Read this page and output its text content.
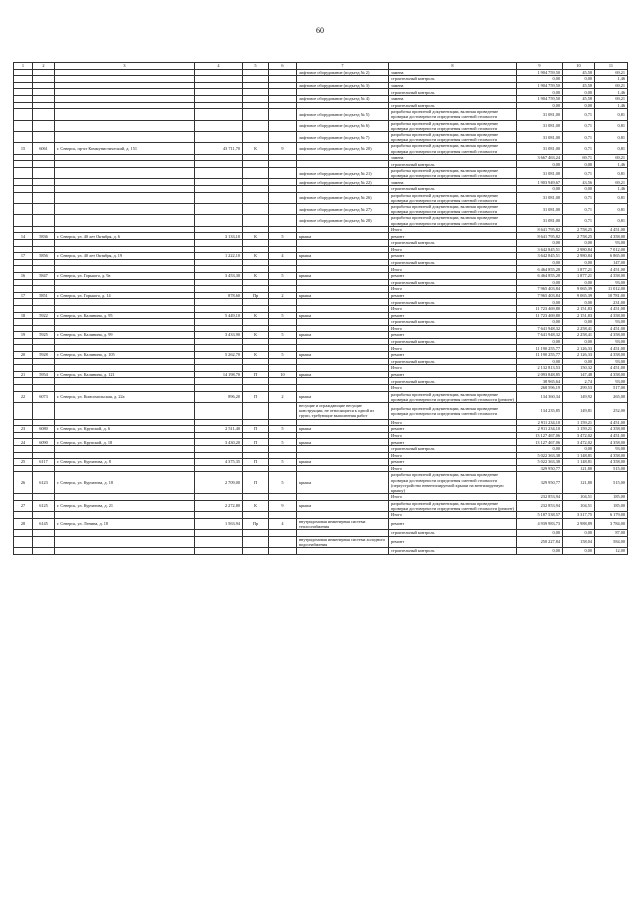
60
1	2	3	4	5	6	7	8	9	10	11
						лифтовое оборудование (подъезд № 2)	замена	1 904 759,50	45,58	69,21
							строительный контроль	0,00	0,00	1,46
						лифтовое оборудование (подъезд № 3)	замена	1 904 759,50	45,58	69,21
							строительный контроль	0,00	0,00	1,46
						лифтовое оборудование (подъезд № 4)	замена	1 904 759,50	45,58	69,21
							строительный контроль	0,00	0,00	1,46
						лифтовое оборудование (подъезд № 5)	разработка проектной документации, включая проведение проверки достоверности определения сметной стоимости	31 081,00	0,71	0,81
						лифтовое оборудование (подъезд № 6)	разработка проектной документации, включая проведение проверки достоверности определения сметной стоимости	31 081,00	0,71	0,81
						лифтовое оборудование (подъезд № 7)	разработка проектной документации, включая проведение проверки достоверности определения сметной стоимости	31 081,00	0,71	0,81
15	6061	г. Северск, пр-кт Коммунистический, д. 151	43 711,70	К	9	лифтовое оборудование (подъезд № 20)	разработка проектной документации, включая проведение проверки достоверности определения сметной стоимости	31 081,00	0,71	0,81
							замена	3 667 463,24	69,71	69,21
							строительный контроль	0,00	0,00	1,46
						лифтовое оборудование (подъезд № 21)	разработка проектной документации, включая проведение проверки достоверности определения сметной стоимости	31 081,00	0,71	0,81
						лифтовое оборудование (подъезд № 22)	замена	1 903 949,67	43,56	69,21
							строительный контроль	0,00	0,00	1,46
						лифтовое оборудование (подъезд № 26)	разработка проектной документации, включая проведение проверки достоверности определения сметной стоимости	31 081,00	0,71	0,81
						лифтовое оборудование (подъезд № 27)	разработка проектной документации, включая проведение проверки достоверности определения сметной стоимости	31 081,00	0,71	0,81
						лифтовое оборудование (подъезд № 28)	разработка проектной документации, включая проведение проверки достоверности определения сметной стоимости	31 081,00	0,71	0,81
							Итого	8 641 795,82	2 758,25	4 451,00
14	5836	г. Северск, ул. 40 лет Октября, д. 6	3 133,10	К	5	крыша	ремонт	8 641 795,82	2 758,25	4 358,00
							строительный контроль	0,00	0,00	93,00
							Итого	3 642 845,51	2 980,84	7 012,00
17	5856	г. Северск, ул. 40 лет Октября, д. 19	1 222,10	К	4	крыша	ремонт	3 642 845,51	2 980,84	6 865,00
							строительный контроль	0,00	0,00	147,00
							Итого	6 464 855,28	1 877,21	4 451,00
16	5847	г. Северск, ул. Горького, д. 9а	3 453,30	К	5	крыша	ремонт	6 464 855,28	1 877,21	4 358,00
							строительный контроль	0,00	0,00	93,00
							Итого	7 965 403,84	9 065,39	11 012,00
17	5851	г. Северск, ул. Горького, д. 14	878,60	Пр	2	крыша	ремонт	7 965 403,84	9 065,39	10 781,00
							строительный контроль	0,00	0,00	231,00
							Итого	11 723 469,80	2 151,83	4 451,00
18	5922	г. Северск, ул. Калинина, д. 95	5 449,10	К	5	крыша	ремонт	11 723 469,80	2 151,83	4 358,00
							строительный контроль	0,00	0,00	93,00
							Итого	7 641 948,32	2 258,41	4 451,00
19	5925	г. Северск, ул. Калинина, д. 99	3 433,90	К	5	крыша	ремонт	7 641 948,32	2 258,41	4 358,00
							строительный контроль	0,00	0,00	93,00
							Итого	11 190 255,77	2 126,33	4 451,00
20	5928	г. Северск, ул. Калинина, д. 105	5 262,70	К	5	крыша	ремонт	11 190 255,77	2 126,33	4 358,00
							строительный контроль	0,00	0,00	93,00
							Итого	2 132 813,53	150,32	4 451,00
21	5954	г. Северск, ул. Калинина, д. 121	14 198,70	П	10	крыша	ремонт	2 093 848,85	147,48	4 358,00
							строительный контроль	38 965,64	2,74	93,00
							Итого	268 596,19	299,53	517,00
22	6073	г. Северск, ул. Комсомольская, д. 22а	896,20	П	2	крыша	разработка проектной документации, включая проведение проверки достоверности определения сметной стоимости (ремонт)	134 360,34	149,92	265,00
						несущие и ограждающие несущие конструкции, не относящиеся к одной из групп, требующие выполнения работ	разработка проектной документации, включая проведение проверки достоверности определения сметной стоимости	134 235,85	149,81	252,00
							Итого	2 911 234,10	1 159,21	4 451,00
23	6080	г. Северск, ул. Крупской, д. 6	2 511,40	П	5	крыша	ремонт	2 911 234,10	1 159,21	4 358,00
							Итого	13 127 467,06	3 472,02	4 451,00
24	6090	г. Северск, ул. Крупской, д. 18	3 430,20	П	5	крыша	ремонт	13 127 467,06	3 472,02	4 358,00
							строительный контроль	0,00	0,00	93,00
							Итого	5 022 363,38	1 148,81	4 358,00
25	6117	г. Северск, ул. Курчатова, д. 8	4 375,35	П	5	крыша	ремонт	5 022 363,38	1 148,81	4 358,00
							Итого	329 950,77	121,80	515,00
26	6123	г. Северск, ул. Курчатова, д. 18	2 709,00	П	5	крыша	разработка проектной документации, включая проведение проверки достоверности определения сметной стоимости (переустройство невентилируемой крыши на вентилируемую крышу)	329 950,77	121,80	515,00
							Итого	232 853,94	104,51	185,00
27	6125	г. Северск, ул. Курчатова, д. 21	2 272,80	К	9	крыша	разработка проектной документации, включая проведение проверки достоверности определения сметной стоимости (ремонт)	232 853,94	104,51	185,00
							Итого	5 187 538,57	3 317,75	6 179,00
28	6145	г. Северск, ул. Ленина, д. 18	1 563,94	Пр	4	внутридомовая инженерная система теплоснабжения	ремонт	4 939 983,73	2 988,89	3 784,00
							строительный контроль	0,00	0,00	87,00
						внутридомовая инженерная система холодного водоснабжения	ремонт	250 227,84	158,04	584,00
							строительный контроль	0,00	0,00	12,00
